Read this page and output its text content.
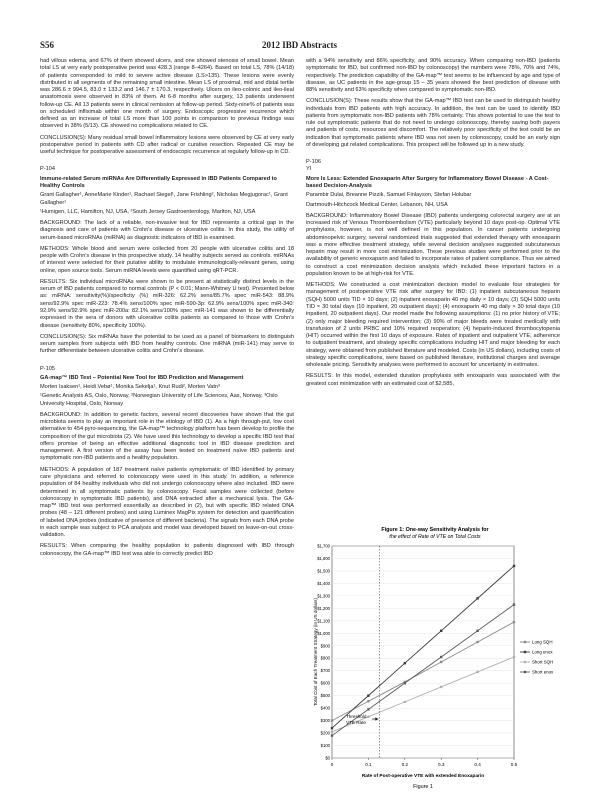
S56	2012 IBD Abstracts

had villous edema, and 67% of them showed ulcers, and one showed stenosis of small bowel. Mean total LS at very early postoperative period was 428.3 (range 8–4264). Based on total LS, 78% (14/18) of patients corresponded to mild to severe active disease (LS>135). These lesions were evenly distributed in all segments of the remaining small intestine. Mean LS of proximal, mid and distal tertile was 286.6 ± 994.5, 83.0 ± 133.2 and 146.7 ± 170.3, respectively. Ulcers on ileo-colonic and ileo-ileal anastomosis were observed in 83% of them. At 6-8 months after surgery, 13 patients underwent follow-up CE. All 13 patients were in clinical remission at follow-up period. Sixty-nine% of patients was on scheduled infliximab within one month of surgery. Endoscopic progressive recurrence which defined as an increase of total LS more than 100 points in comparison to previous findings was observed in 38% (5/13). CE showed no complications related to CE.

CONCLUSION(S): Many residual small bowel inflammatory lesions were observed by CE at very early postoperative period in patients with CD after radical or curative resection. Repeated CE may be useful technique for postoperative assessment of endoscopic recurrence at regularly follow-up in CD.

P-104
Immune-related Serum miRNAs Are Differentially Expressed in IBD Patients Compared to Healthy Controls
Grant Gallagher¹, AnneMarie Kinder¹, Rachael Siegel¹, Jane Frishling², Nicholas Megjugorac¹, Grant Gallagher¹
¹Humigen, LLC, Hamilton, NJ, USA, ²South Jersey Gastroenterology, Marlton, NJ, USA

BACKGROUND: The lack of a reliable, non-invasive test for IBD represents a critical gap in the diagnosis and care of patients with Crohn's disease or ulcerative colitis. In this study, the utility of serum-based microRNAs (miRNA) as diagnostic indicators of IBD is examined.

METHODS: Whole blood and serum were collected from 20 people with ulcerative colitis and 18 people with Crohn's disease in this prospective study. 14 healthy subjects served as controls. miRNAs of interest were selected for their putative ability to modulate immunologically-relevant genes, using online, open source tools. Serum miRNA levels were quantified using qRT-PCR.

RESULTS: Six individual microRNAs were shown to be present at statistically distinct levels in the serum of IBD patients compared to normal controls (P < 0.01; Mann-Whitney U test). Presented below as: miRNA: sensitivity(%)/specificity (%) miR-326: 62.2% sens/85.7% spec miR-543: 88.9% sens/92.9% spec miR-223: 78.4% sens/100% spec miR-590-3p: 62.9% sens/100% spec miR-340: 92.9% sens/92.9% spec miR-200a: 82.1% sens/100% spec miR-141 was shown to be differentially expressed in the sera of donors with ulcerative colitis patients as compared to those with Crohn's disease (sensitivity 80%, specificity 100%).

CONCLUSION(S): Six miRNAs have the potential to be used as a panel of biomarkers to distinguish serum samples from subjects with IBD from healthy controls. One miRNA (miR-141) may serve to further differentiate between ulcerative colitis and Crohn's disease.

P-105
GA-map™ IBD Test – Potential New Tool for IBD Prediction and Management
Morten Isaksen¹, Heidi Vebø¹, Monika Sekelja¹, Knut Rudi², Morten Vatn³
¹Genetic Analysis AS, Oslo, Norway, ²Norwegian University of Life Sciences, Aas, Norway, ³Oslo University Hospital, Oslo, Norway

BACKGROUND: In addition to genetic factors, several recent discoveries have shown that the gut microbiota seems to play an important role in the etiology of IBD (1). As a high through-put, low cost alternative to 454 pyro-sequencing, the GA-map™ technology platform has been develop to profile the composition of the gut microbiota (2). We have used this technology to develop a specific IBD test that offers promise of being an effective additional diagnostic tool in IBD disease prediction and management. A first version of the assay has been tested on treatment naïve IBD patients and symptomatic non-IBD patients and a healthy population.

METHODS: A population of 187 treatment naïve patients symptomatic of IBD identified by primary care physicians and referred to colonoscopy were used in this study. In addition, a reference population of 84 healthy individuals who did not undergo colonoscopy where also included. IBD were determined in all symptomatic patients by colonoscopy. Fecal samples were collected (before colonoscopy in symptomatic IBD patients), and DNA extracted after a mechanical lysis. The GA-map™ IBD test was performed essentially as described in (2), but with specific IBD related DNA probes (48 – 121 different probes) and using Luminex MagPix system for detection and quantification of labeled DNA probes (indicative of presence of different bacteria). The signals from each DNA probe in each sample was subject to PCA analysis and model was developed based on leave-on-out cross-validation.

RESULTS: When comparing the healthy population to patients diagnosed with IBD through colonoscopy, the GA-map™ IBD test was able to correctly predict IBD

with a 94% sensitivity and 86% specificity, and 90% accuracy. When comparing non-IBD (patients symptomatic for IBD, but confirmed non-IBD by colonoscopy) the numbers were 78%, 70% and 74%, respectively. The prediction capability of the GA-map™ test seems to be influenced by age and type of disease, as UC patients in the age-group 15 – 35 years showed the best prediction of disease with 88% sensitivity and 63% specificity when compared to symptomatic non-IBD.

CONCLUSION(S): These results show that the GA-map™ IBD test can be used to distinguish healthy individuals from IBD patients with high accuracy. In addition, the test can be used to identify IBD patients from symptomatic non-IBD patients with 78% certainty. This shows potential to use the test to rule out symptomatic patients that do not need to undergo colonoscopy, thereby saving both payers and patients of costs, resources and discomfort. The relatively poor specificity of the test could be an indication that symptomatic patients where IBD was not seen by colonoscopy, could be an early sign of developing gut related complications. This prospect will be followed up in a new study.

P-106
YI
More Is Less: Extended Enoxaparin After Surgery for Inflammatory Bowel Disease - A Cost-based Decision-Analysis
Parambir Dulai, Breanne Pizzik, Samuel Finlayson, Stefan Holubar
Dartmouth-Hitchcock Medical Center, Lebanon, NH, USA

BACKGROUND: Inflammatory Bowel Disease (IBD) patients undergoing colorectal surgery are at an increased risk of Venous Thromboembolism (VTE) particularly beyond 10 days post-op. Optimal VTE prophylaxis, however, is not well defined in this population. In cancer patients undergoing abdominopelvic surgery, several randomized trials suggested that extended therapy with enoxaparin was a more effective treatment strategy, while several decision analyses suggested subcutaneous heparin may result in more cost minimization. These previous studies were performed prior to the availability of generic enoxaparin and failed to incorporate rates of patient compliance. Thus we aimed to construct a cost minimization decision analysis which included these important factors in a population known to be at high-risk for VTE.

METHODS: We constructed a cost minimization decision model to evaluate four strategies for management of postoperative VTE risk after surgery for IBD: (1) inpatient subcutaneous heparin (SQH) 5000 units TID × 10 days; (2) inpatient enoxaparin 40 mg daily × 10 days; (3) SQH 5000 units TID × 30 total days (10 inpatient, 20 outpatient days); (4) enoxaparin 40 mg daily × 30 total days (10 inpatient, 20 outpatient days). Our model made the following assumptions: (1) no prior history of VTE; (2) only major bleeding required intervention; (3) 90% of major bleeds were treated medically with transfusion of 2 units PRBC and 10% required reoperation; (4) heparin-induced thrombocytopenia (HIT) occurred within the first 10 days of exposure. Rates of inpatient and outpatient VTE, adherence to outpatient treatment, and strategy specific complications including HIT and major bleeding for each strategy, were obtained from published literature and modeled. Costs (in US dollars), including costs of strategy specific complications, were based on published literature, institutional charges and average wholesale pricing. Sensitivity analyses were performed to account for uncertainty in estimates.

RESULTS: In this model, extended duration prophylaxis with enoxaparin was associated with the greatest cost minimization with an estimated cost of $2,585,

Figure 1: One-way Sensitivity Analysis for
the effect of Rate of VTE on Total Costs
$0
$100
$200
$300
$400
$500
$600
$700
$800
$900
$1,000
$1,100
$1,200
$1,300
$1,400
$1,500
$1,600
$1,700
0	0.1	0.2	0.3	0.4	0.5
Long SQH
Long enox
Short SQH
Short enox
Threshold
VTE Rate
Total Cost of Each Treatment Strategy (in US dollars)
Rate of Post-operative VTE with extended Enoxaparin
Figure 1
